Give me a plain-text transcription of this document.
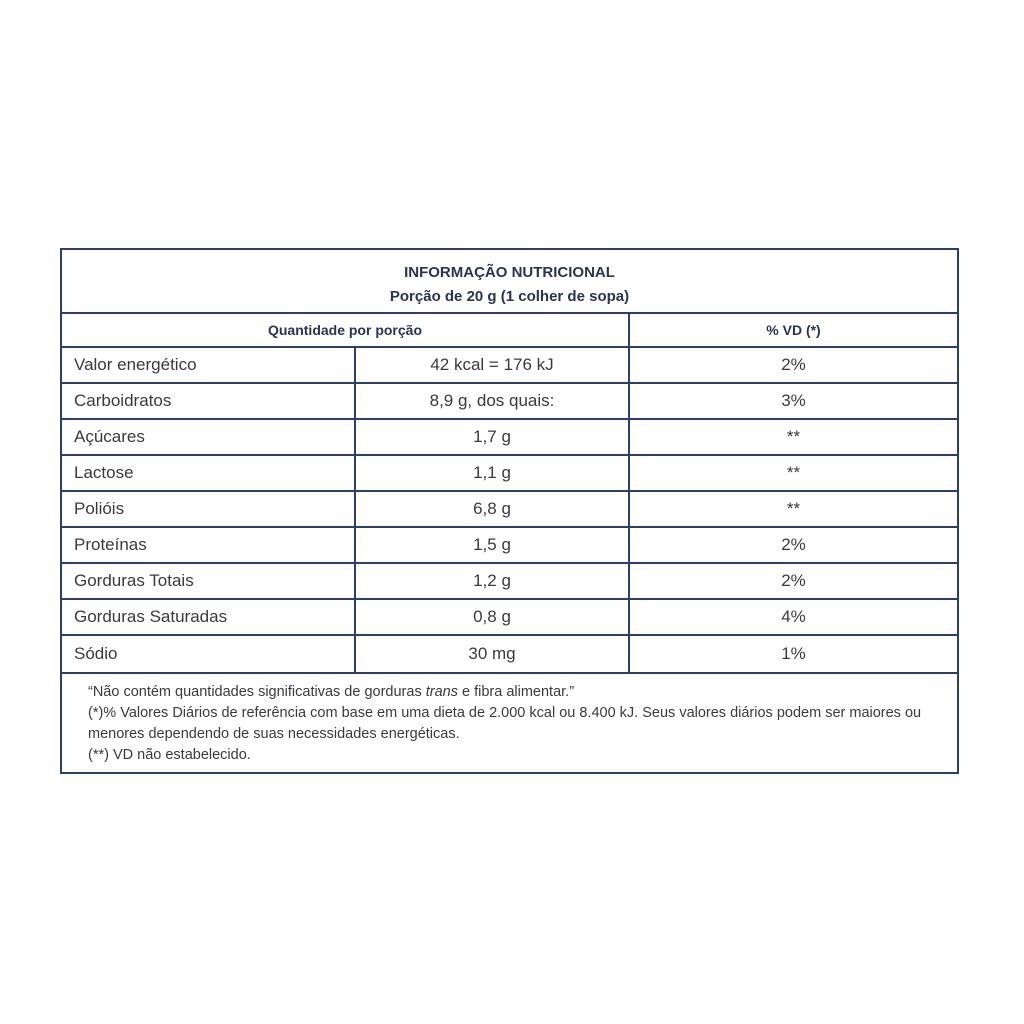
INFORMAÇÃO NUTRICIONAL
Porção de 20 g (1 colher de sopa)
Quantidade por porção	% VD (*)
Valor energético	42 kcal = 176 kJ	2%
Carboidratos	8,9 g, dos quais:	3%
Açúcares	1,7 g	**
Lactose	1,1 g	**
Polióis	6,8 g	**
Proteínas	1,5 g	2%
Gorduras Totais	1,2 g	2%
Gorduras Saturadas	0,8 g	4%
Sódio	30 mg	1%
“Não contém quantidades significativas de gorduras trans e fibra alimentar.”
(*)% Valores Diários de referência com base em uma dieta de 2.000 kcal ou 8.400 kJ. Seus valores diários podem ser maiores ou menores dependendo de suas necessidades energéticas.
(**) VD não estabelecido.
